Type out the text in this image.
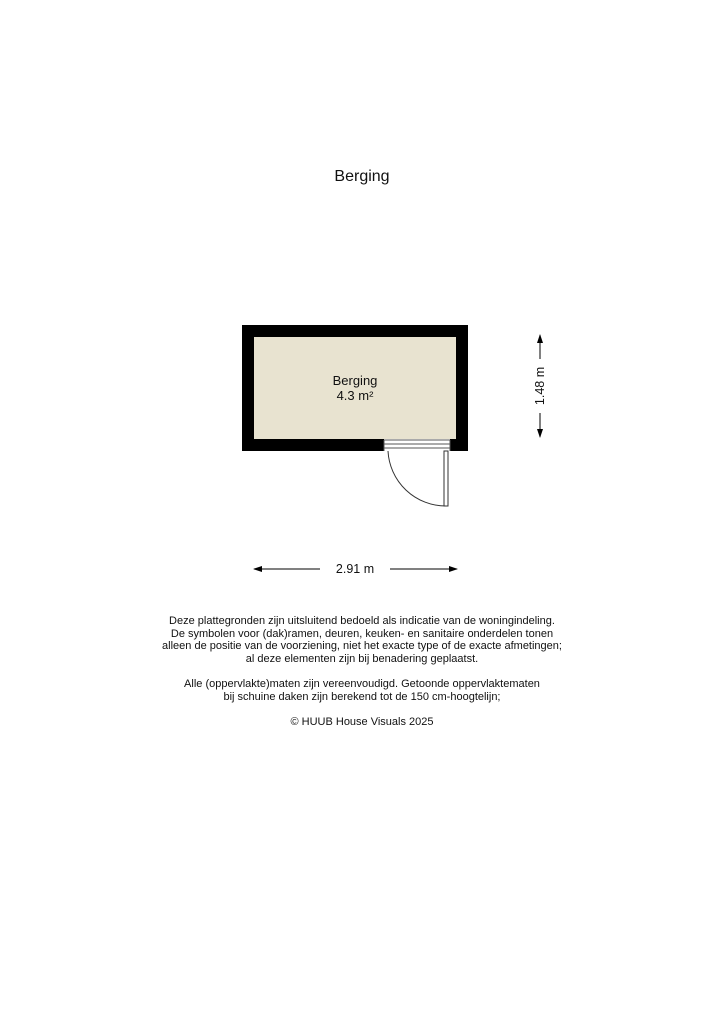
Berging
Berging
4.3 m²
2.91 m
1.48 m

Deze plattegronden zijn uitsluitend bedoeld als indicatie van de woningindeling.
De symbolen voor (dak)ramen, deuren, keuken- en sanitaire onderdelen tonen
alleen de positie van de voorziening, niet het exacte type of de exacte afmetingen;
al deze elementen zijn bij benadering geplaatst.

Alle (oppervlakte)maten zijn vereenvoudigd. Getoonde oppervlaktematen
bij schuine daken zijn berekend tot de 150 cm-hoogtelijn;

© HUUB House Visuals 2025
